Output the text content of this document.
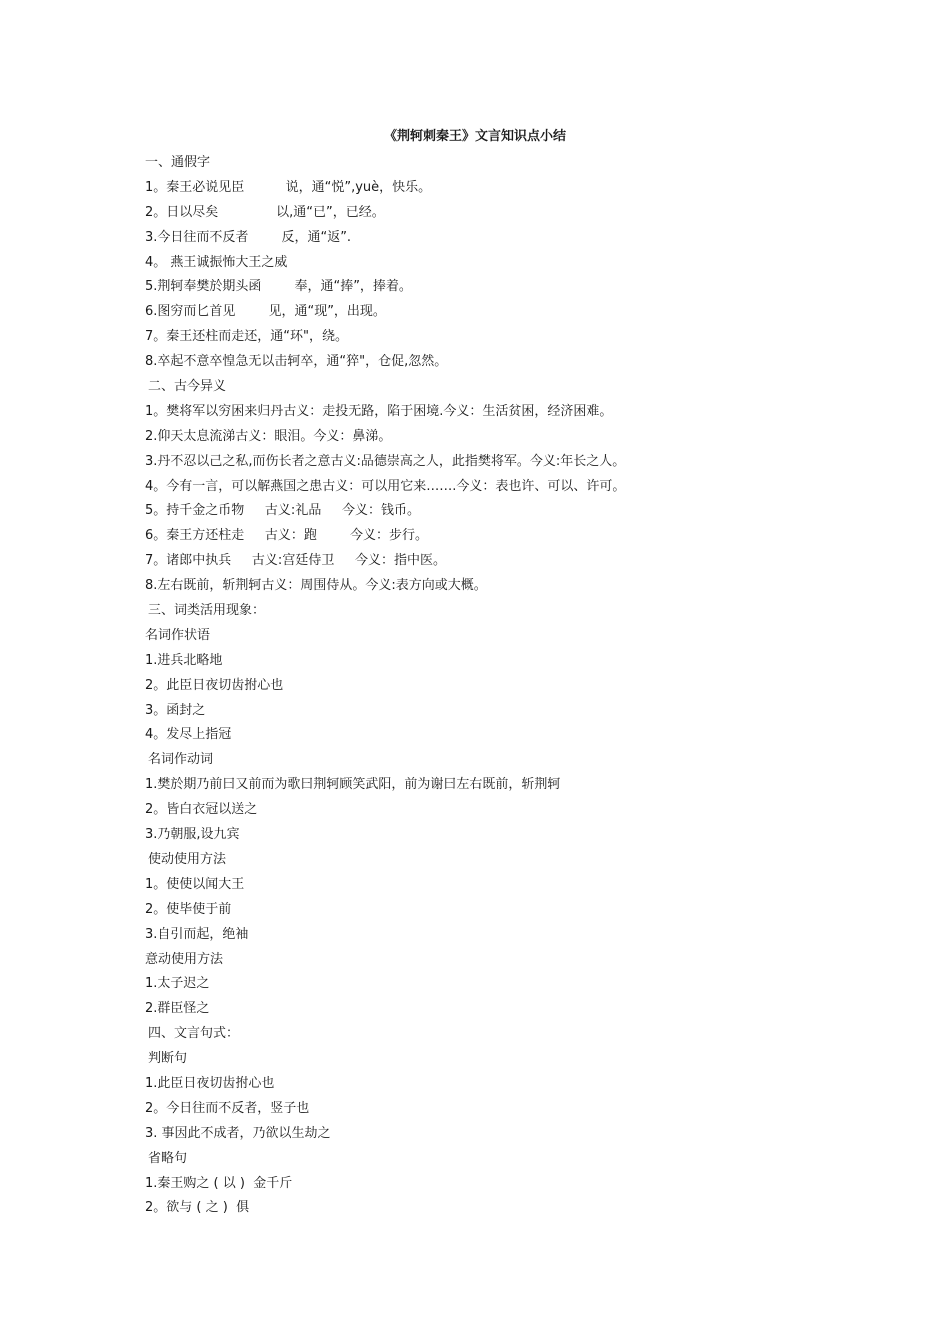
《荆轲刺秦王》文言知识点小结
一、通假字
1。秦王必说见臣          说，通“悦”,yuè，快乐。
2。日以尽矣              以,通“已”，已经。
3.今日往而不反者        反，通“返”.
4。 燕王诚振怖大王之威
5.荆轲奉樊於期头函        奉，通“捧”，捧着。
6.图穷而匕首见        见，通“现”，出现。
7。秦王还柱而走还，通“环"，绕。
8.卒起不意卒惶急无以击轲卒，通“猝"，仓促,忽然。
二、古今异义
1。樊将军以穷困来归丹古义：走投无路，陷于困境.今义：生活贫困，经济困难。
2.仰天太息流涕古义：眼泪。今义：鼻涕。
3.丹不忍以己之私,而伤长者之意古义:品德崇高之人，此指樊将军。今义:年长之人。
4。今有一言，可以解燕国之患古义：可以用它来…….今义：表也许、可以、许可。
5。持千金之币物     古义:礼品     今义：钱币。
6。秦王方还柱走     古义：跑        今义：步行。
7。诸郎中执兵     古义:宫廷侍卫     今义：指中医。
8.左右既前，斩荆轲古义：周围侍从。今义:表方向或大概。
三、词类活用现象：
名词作状语
1.进兵北略地
2。此臣日夜切齿拊心也
3。函封之
4。发尽上指冠
名词作动词
1.樊於期乃前曰又前而为歌曰荆轲顾笑武阳，前为谢曰左右既前，斩荆轲
2。皆白衣冠以送之
3.乃朝服,设九宾
使动使用方法
1。使使以闻大王
2。使毕使于前
3.自引而起，绝袖
意动使用方法
1.太子迟之
2.群臣怪之
四、文言句式：
判断句
1.此臣日夜切齿拊心也
2。今日往而不反者，竖子也
3. 事因此不成者，乃欲以生劫之
省略句
1.秦王购之 ( 以 )  金千斤
2。欲与 ( 之 )  俱
